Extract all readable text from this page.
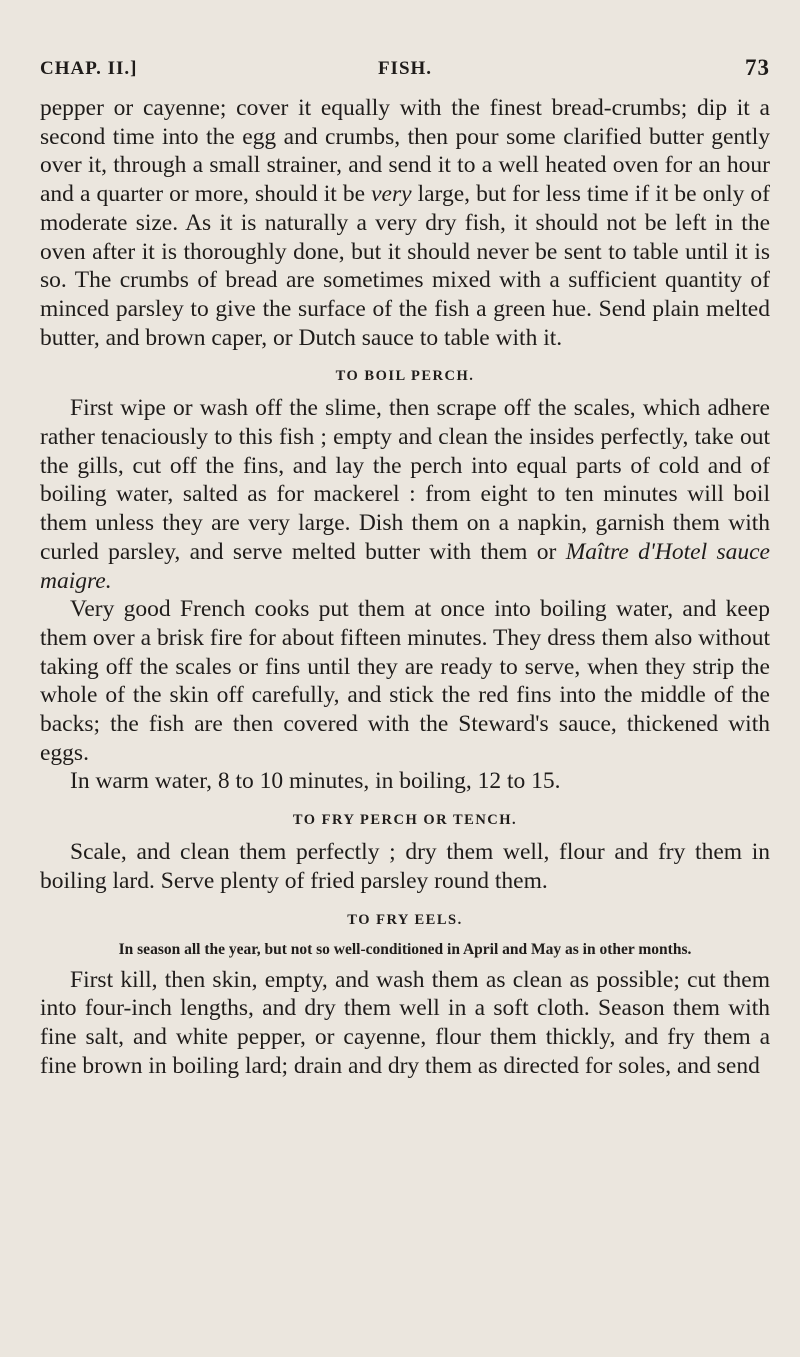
CHAP. II.]	FISH.	73

pepper or cayenne; cover it equally with the finest bread-crumbs; dip it a second time into the egg and crumbs, then pour some clarified butter gently over it, through a small strainer, and send it to a well heated oven for an hour and a quarter or more, should it be very large, but for less time if it be only of moderate size. As it is naturally a very dry fish, it should not be left in the oven after it is thoroughly done, but it should never be sent to table until it is so. The crumbs of bread are sometimes mixed with a sufficient quantity of minced parsley to give the surface of the fish a green hue. Send plain melted butter, and brown caper, or Dutch sauce to table with it.

TO BOIL PERCH.

First wipe or wash off the slime, then scrape off the scales, which adhere rather tenaciously to this fish ; empty and clean the insides perfectly, take out the gills, cut off the fins, and lay the perch into equal parts of cold and of boiling water, salted as for mackerel : from eight to ten minutes will boil them unless they are very large. Dish them on a napkin, garnish them with curled parsley, and serve melted butter with them or Maître d'Hotel sauce maigre.

Very good French cooks put them at once into boiling water, and keep them over a brisk fire for about fifteen minutes. They dress them also without taking off the scales or fins until they are ready to serve, when they strip the whole of the skin off carefully, and stick the red fins into the middle of the backs; the fish are then covered with the Steward's sauce, thickened with eggs.

In warm water, 8 to 10 minutes, in boiling, 12 to 15.

TO FRY PERCH OR TENCH.

Scale, and clean them perfectly ; dry them well, flour and fry them in boiling lard. Serve plenty of fried parsley round them.

TO FRY EELS.
In season all the year, but not so well-conditioned in April and May as in other months.

First kill, then skin, empty, and wash them as clean as possible; cut them into four-inch lengths, and dry them well in a soft cloth. Season them with fine salt, and white pepper, or cayenne, flour them thickly, and fry them a fine brown in boiling lard; drain and dry them as directed for soles, and send
